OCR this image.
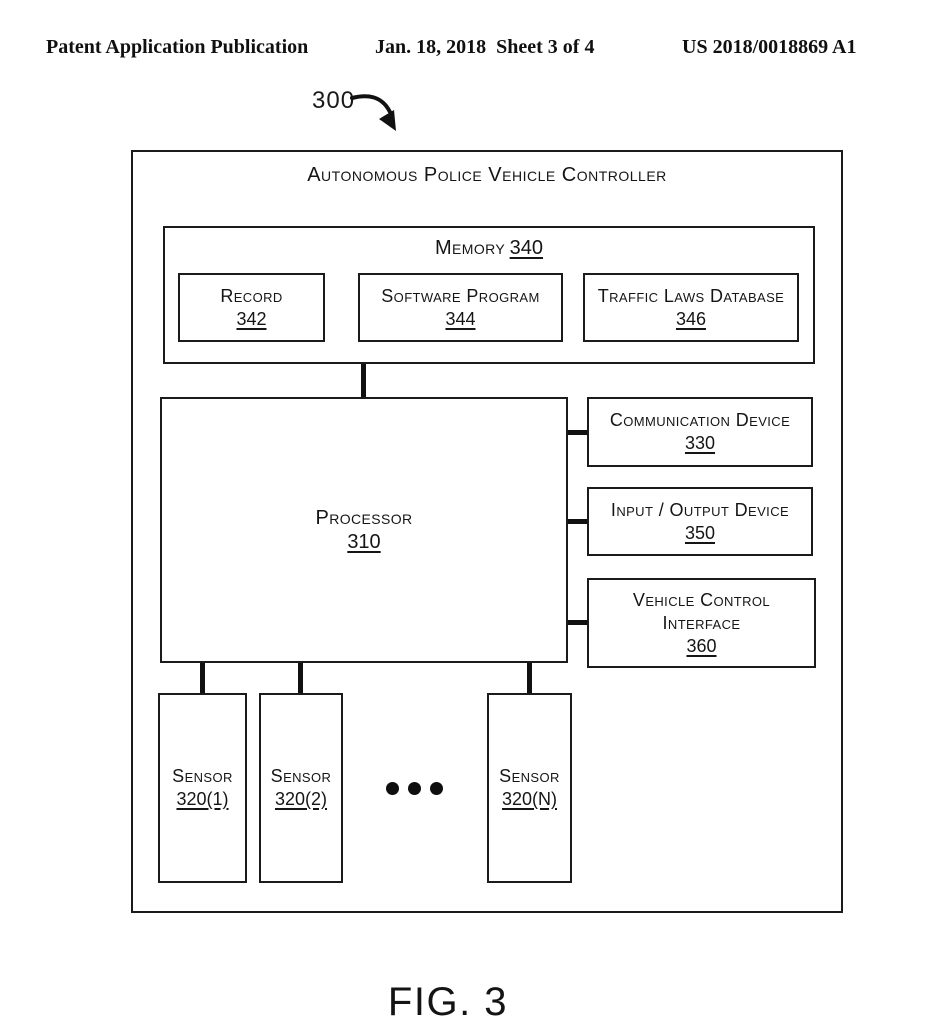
Patent Application Publication	Jan. 18, 2018  Sheet 3 of 4	US 2018/0018869 A1
300
Autonomous Police Vehicle Controller
Memory 340
Record
342
Software Program
344
Traffic Laws Database
346
Processor
310
Communication Device
330
Input / Output Device
350
Vehicle Control Interface
360
Sensor
320(1)
Sensor
320(2)
Sensor
320(N)
FIG. 3
